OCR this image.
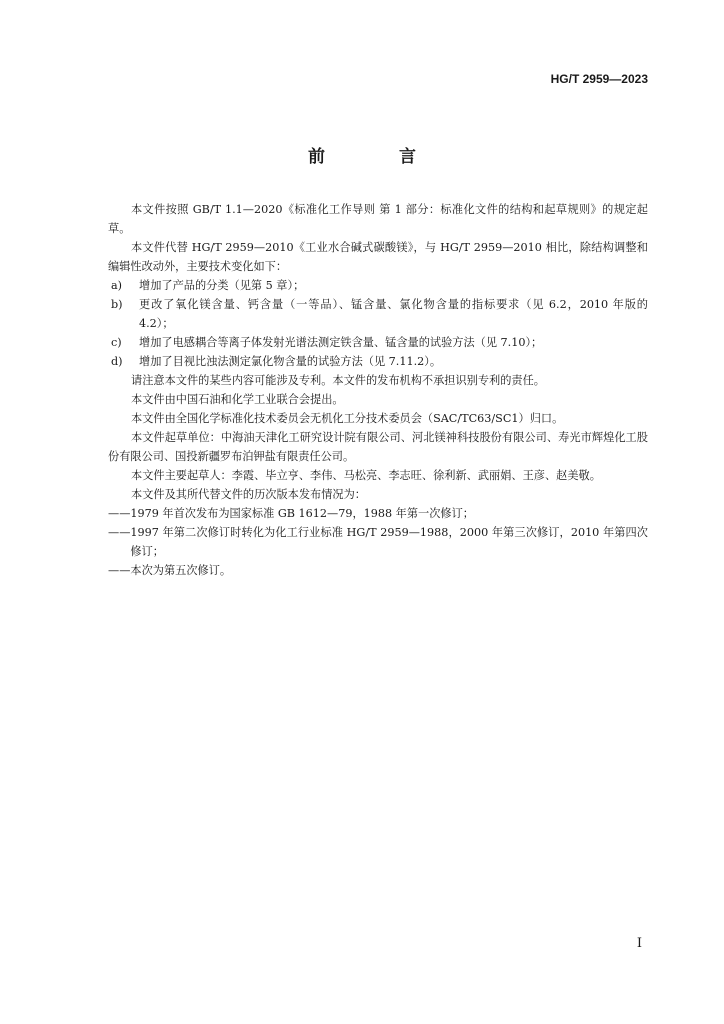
HG/T 2959—2023
前 言

本文件按照 GB/T 1.1—2020《标准化工作导则 第 1 部分：标准化文件的结构和起草规则》的规定起草。

本文件代替 HG/T 2959—2010《工业水合碱式碳酸镁》，与 HG/T 2959—2010 相比，除结构调整和编辑性改动外，主要技术变化如下：

a)	增加了产品的分类（见第 5 章）；
b)	更改了氧化镁含量、钙含量（一等品）、锰含量、氯化物含量的指标要求（见 6.2，2010 年版的 4.2）；
c)	增加了电感耦合等离子体发射光谱法测定铁含量、锰含量的试验方法（见 7.10）；
d)	增加了目视比浊法测定氯化物含量的试验方法（见 7.11.2）。

请注意本文件的某些内容可能涉及专利。本文件的发布机构不承担识别专利的责任。

本文件由中国石油和化学工业联合会提出。

本文件由全国化学标准化技术委员会无机化工分技术委员会（SAC/TC63/SC1）归口。

本文件起草单位：中海油天津化工研究设计院有限公司、河北镁神科技股份有限公司、寿光市辉煌化工股份有限公司、国投新疆罗布泊钾盐有限责任公司。

本文件主要起草人：李霞、毕立亨、李伟、马松亮、李志旺、徐利新、武丽娟、王彦、赵美敬。

本文件及其所代替文件的历次版本发布情况为：

—— 1979 年首次发布为国家标准 GB 1612—79，1988 年第一次修订；
—— 1997 年第二次修订时转化为化工行业标准 HG/T 2959—1988，2000 年第三次修订，2010 年第四次修订；
—— 本次为第五次修订。
I
